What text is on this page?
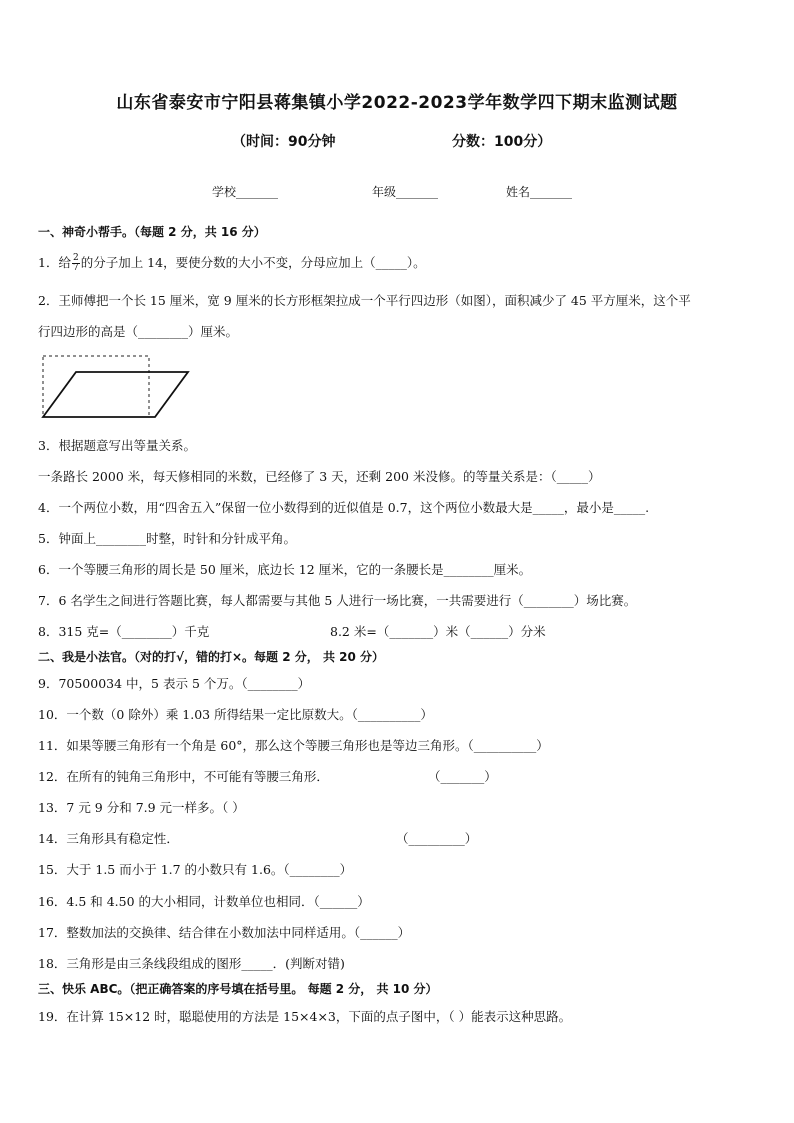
山东省泰安市宁阳县蒋集镇小学2022-2023学年数学四下期末监测试题
（时间：90分钟	分数：100分）
学校_______	年级_______	姓名_______
一、神奇小帮手。（每题 2 分，共 16 分）
1．给 $\frac{2}{7}$ 的分子加上 14，要使分数的大小不变，分母应加上（_____）。
2．王师傅把一个长 15 厘米，宽 9 厘米的长方形框架拉成一个平行四边形（如图），面积减少了 45 平方厘米，这个平
行四边形的高是（________）厘米。
3．根据题意写出等量关系。
一条路长 2000 米，每天修相同的米数，已经修了 3 天，还剩 200 米没修。的等量关系是：（_____）
4．一个两位小数，用“四舍五入”保留一位小数得到的近似值是 0.7，这个两位小数最大是_____，最小是_____.
5．钟面上________时整，时针和分针成平角。
6．一个等腰三角形的周长是 50 厘米，底边长 12 厘米，它的一条腰长是________厘米。
7．6 名学生之间进行答题比赛，每人都需要与其他 5 人进行一场比赛，一共需要进行（________）场比赛。
8．315 克=（________）千克	8.2 米=（_______）米（______）分米
二、我是小法官。（对的打√，错的打×。每题 2 分， 共 20 分）
9．70500034 中，5 表示 5 个万。（________）
10．一个数（0 除外）乘 1.03 所得结果一定比原数大。（__________）
11．如果等腰三角形有一个角是 60°，那么这个等腰三角形也是等边三角形。（__________）
12．在所有的钝角三角形中，不可能有等腰三角形．	（_______）
13．7 元 9 分和 7.9 元一样多。（ ）
14．三角形具有稳定性．	（_________）
15．大于 1.5 而小于 1.7 的小数只有 1.6。（________）
16．4.5 和 4.50 的大小相同，计数单位也相同．（______）
17．整数加法的交换律、结合律在小数加法中同样适用。（______）
18．三角形是由三条线段组成的图形_____．(判断对错)
三、快乐 ABC。（把正确答案的序号填在括号里。 每题 2 分， 共 10 分）
19．在计算 15×12 时，聪聪使用的方法是 15×4×3，下面的点子图中，（ ）能表示这种思路。
